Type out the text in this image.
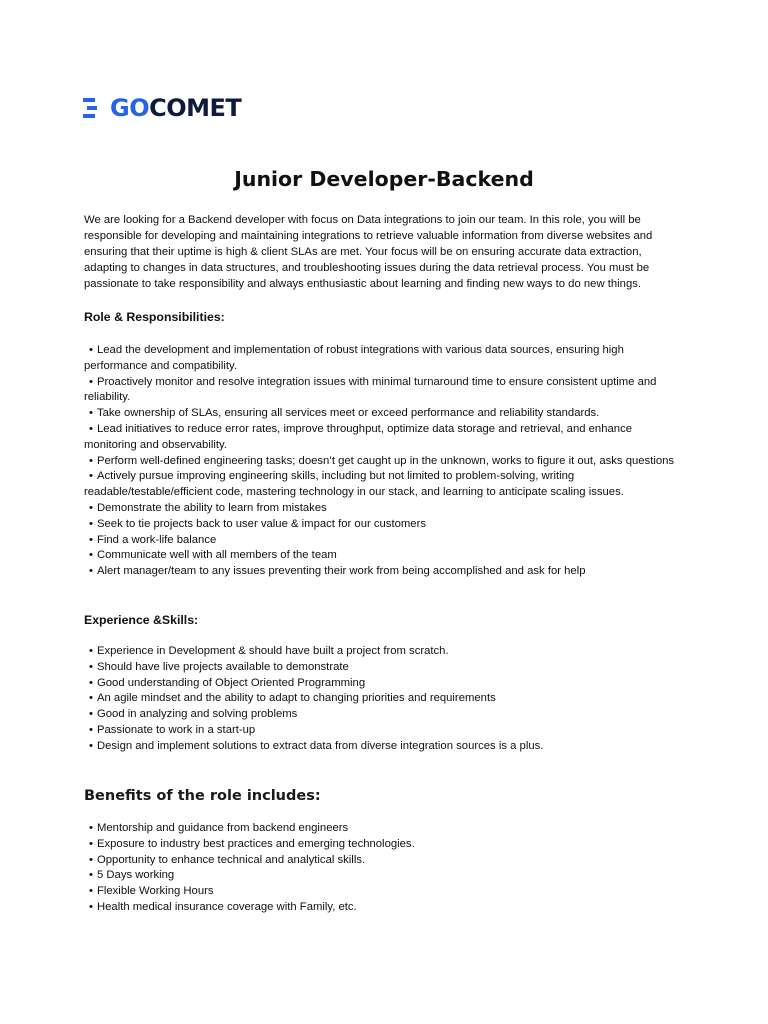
GO COMET
Junior Developer-Backend

We are looking for a Backend developer with focus on Data integrations to join our team. In this role, you will be responsible for developing and maintaining integrations to retrieve valuable information from diverse websites and ensuring that their uptime is high & client SLAs are met. Your focus will be on ensuring accurate data extraction, adapting to changes in data structures, and troubleshooting issues during the data retrieval process. You must be passionate to take responsibility and always enthusiastic about learning and finding new ways to do new things.

Role & Responsibilities:
• Lead the development and implementation of robust integrations with various data sources, ensuring high performance and compatibility.
• Proactively monitor and resolve integration issues with minimal turnaround time to ensure consistent uptime and reliability.
• Take ownership of SLAs, ensuring all services meet or exceed performance and reliability standards.
• Lead initiatives to reduce error rates, improve throughput, optimize data storage and retrieval, and enhance monitoring and observability.
• Perform well-defined engineering tasks; doesn’t get caught up in the unknown, works to figure it out, asks questions
• Actively pursue improving engineering skills, including but not limited to problem-solving, writing readable/testable/efficient code, mastering technology in our stack, and learning to anticipate scaling issues.
• Demonstrate the ability to learn from mistakes
• Seek to tie projects back to user value & impact for our customers
• Find a work-life balance
• Communicate well with all members of the team
• Alert manager/team to any issues preventing their work from being accomplished and ask for help
Experience &Skills:
• Experience in Development & should have built a project from scratch.
• Should have live projects available to demonstrate
• Good understanding of Object Oriented Programming
• An agile mindset and the ability to adapt to changing priorities and requirements
• Good in analyzing and solving problems
• Passionate to work in a start-up
• Design and implement solutions to extract data from diverse integration sources is a plus.
Benefits of the role includes:
• Mentorship and guidance from backend engineers
• Exposure to industry best practices and emerging technologies.
• Opportunity to enhance technical and analytical skills.
• 5 Days working
• Flexible Working Hours
• Health medical insurance coverage with Family, etc.
